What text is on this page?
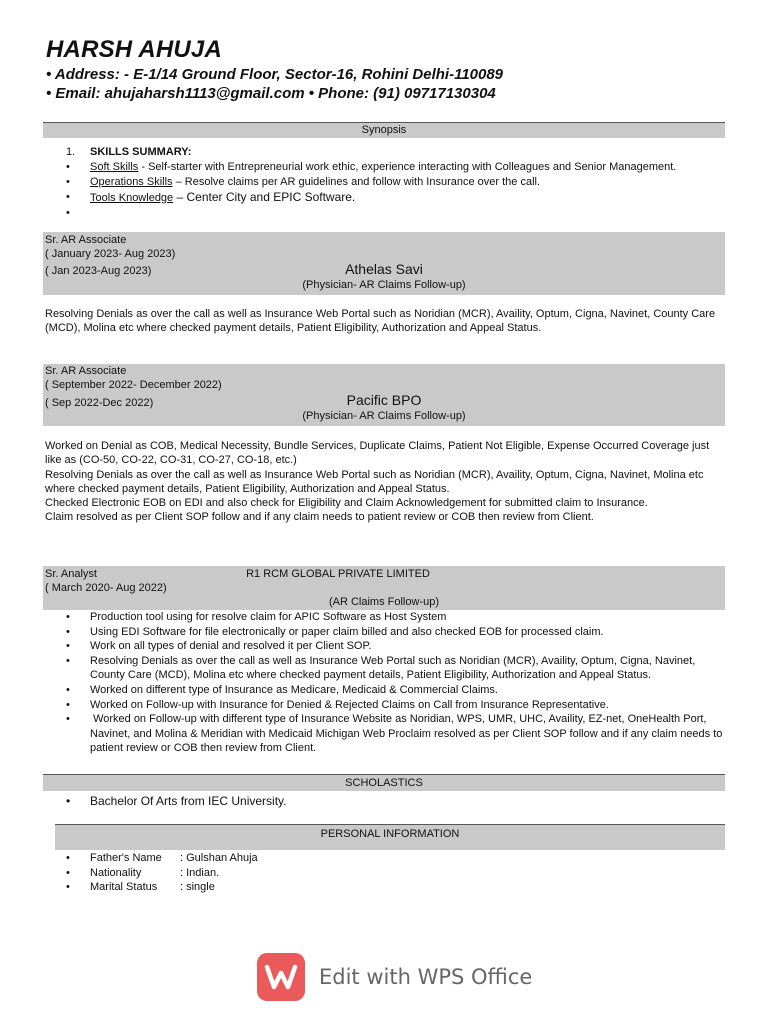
HARSH AHUJA
• Address: - E-1/14 Ground Floor, Sector-16, Rohini Delhi-110089
• Email: ahujaharsh1113@gmail.com • Phone: (91) 09717130304
Synopsis
1.	SKILLS SUMMARY:
•	Soft Skills - Self-starter with Entrepreneurial work ethic, experience interacting with Colleagues and Senior Management.
•	Operations Skills – Resolve claims per AR guidelines and follow with Insurance over the call.
•	Tools Knowledge – Center City and EPIC Software.
•
Athelas Savi
(Physician- AR Claims Follow-up)
Sr. AR Associate
( January 2023- Aug 2023)
( Jan 2023-Aug 2023)
Resolving Denials as over the call as well as Insurance Web Portal such as Noridian (MCR), Availity, Optum, Cigna, Navinet, County Care (MCD), Molina etc where checked payment details, Patient Eligibility, Authorization and Appeal Status.
Pacific BPO
(Physician- AR Claims Follow-up)
Sr. AR Associate
( September 2022- December 2022)
( Sep 2022-Dec 2022)
Worked on Denial as COB, Medical Necessity, Bundle Services, Duplicate Claims, Patient Not Eligible, Expense Occurred Coverage just like as (CO-50, CO-22, CO-31, CO-27, CO-18, etc.)
Resolving Denials as over the call as well as Insurance Web Portal such as Noridian (MCR), Availity, Optum, Cigna, Navinet, Molina etc where checked payment details, Patient Eligibility, Authorization and Appeal Status.
Checked Electronic EOB on EDI and also check for Eligibility and Claim Acknowledgement for submitted claim to Insurance.
Claim resolved as per Client SOP follow and if any claim needs to patient review or COB then review from Client.
R1 RCM GLOBAL PRIVATE LIMITED
(AR Claims Follow-up)
Sr. Analyst
( March 2020- Aug 2022)
•	Production tool using for resolve claim for APIC Software as Host System
•	Using EDI Software for file electronically or paper claim billed and also checked EOB for processed claim.
•	Work on all types of denial and resolved it per Client SOP.
•	Resolving Denials as over the call as well as Insurance Web Portal such as Noridian (MCR), Availity, Optum, Cigna, Navinet, County Care (MCD), Molina etc where checked payment details, Patient Eligibility, Authorization and Appeal Status.
•	Worked on different type of Insurance as Medicare, Medicaid & Commercial Claims.
•	Worked on Follow-up with Insurance for Denied & Rejected Claims on Call from Insurance Representative.
•	Worked on Follow-up with different type of Insurance Website as Noridian, WPS, UMR, UHC, Availity, EZ-net, OneHealth Port, Navinet, and Molina & Meridian with Medicaid Michigan Web Proclaim resolved as per Client SOP follow and if any claim needs to patient review or COB then review from Client.
SCHOLASTICS
•	Bachelor Of Arts from IEC University.
PERSONAL INFORMATION
•	Father's Name	: Gulshan Ahuja
•	Nationality	: Indian.
•	Marital Status	: single
Edit with WPS Office
